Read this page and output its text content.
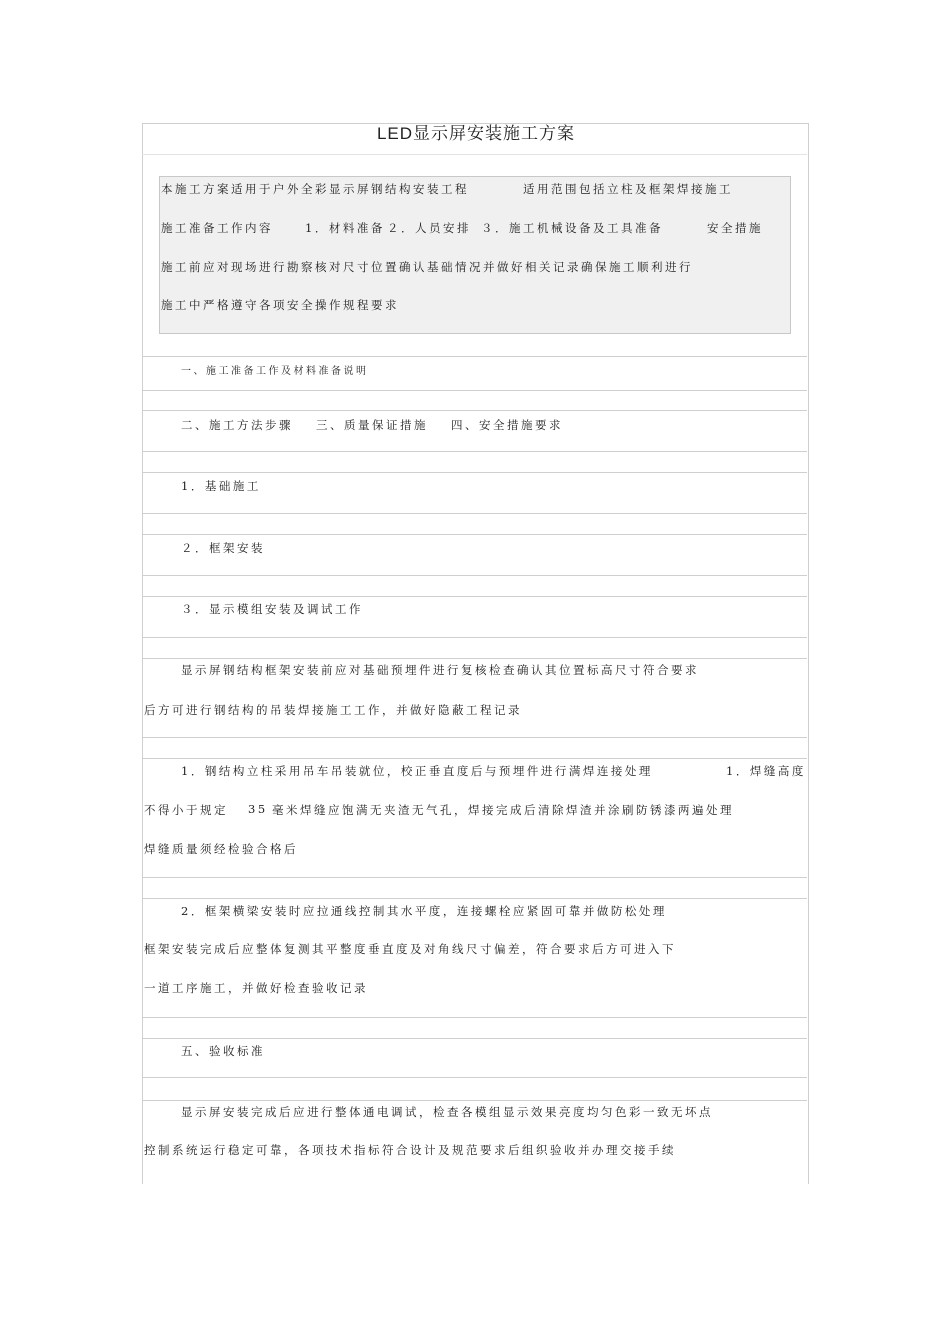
LED显示屏安装施工方案
本施工方案适用于户外全彩显示屏钢结构安装工程	适用范围包括立柱及框架焊接施工
施工准备工作内容	1．材料准备 ２．人员安排 ３．施工机械设备及工具准备	安全措施
施工前应对现场进行勘察核对尺寸位置确认基础情况并做好相关记录确保施工顺利进行
施工中严格遵守各项安全操作规程要求
一、施工准备工作及材料准备说明
二、施工方法步骤 三、质量保证措施 四、安全措施要求
1．基础施工
２．框架安装
３．显示模组安装及调试工作
显示屏钢结构框架安装前应对基础预埋件进行复核检查确认其位置标高尺寸符合要求
后方可进行钢结构的吊装焊接施工工作，并做好隐蔽工程记录
1．钢结构立柱采用吊车吊装就位，校正垂直度后与预埋件进行满焊连接处理	1．焊缝高度
不得小于规定 35 毫米焊缝应饱满无夹渣无气孔，焊接完成后清除焊渣并涂刷防锈漆两遍处理
焊缝质量须经检验合格后
2．框架横梁安装时应拉通线控制其水平度，连接螺栓应紧固可靠并做防松处理
框架安装完成后应整体复测其平整度垂直度及对角线尺寸偏差，符合要求后方可进入下
一道工序施工，并做好检查验收记录
五、验收标准
显示屏安装完成后应进行整体通电调试，检查各模组显示效果亮度均匀色彩一致无坏点
控制系统运行稳定可靠，各项技术指标符合设计及规范要求后组织验收并办理交接手续
